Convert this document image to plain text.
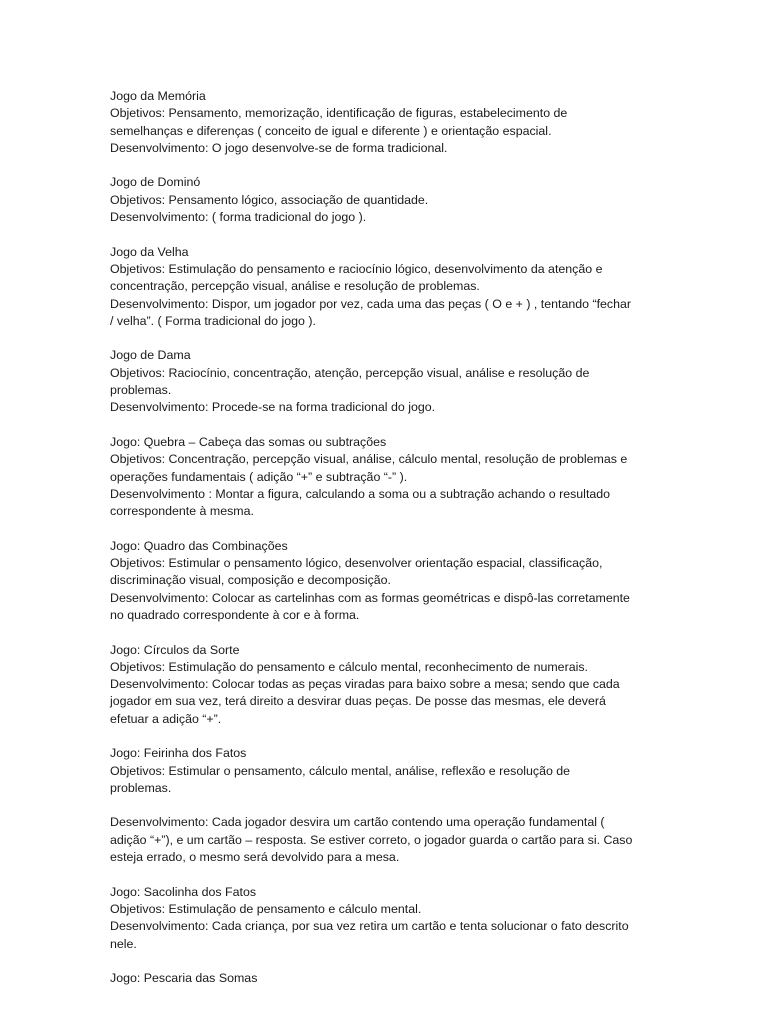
Jogo da Memória
Objetivos: Pensamento, memorização, identificação de figuras, estabelecimento de
semelhanças e diferenças ( conceito de igual e diferente ) e orientação espacial.
Desenvolvimento: O jogo desenvolve-se de forma tradicional.
Jogo de Dominó
Objetivos: Pensamento lógico, associação de quantidade.
Desenvolvimento: ( forma tradicional do jogo ).
Jogo da Velha
Objetivos: Estimulação do pensamento e raciocínio lógico, desenvolvimento da atenção e
concentração, percepção visual, análise e resolução de problemas.
Desenvolvimento: Dispor, um jogador por vez, cada uma das peças ( O e + ) , tentando “fechar
/ velha”. ( Forma tradicional do jogo ).
Jogo de Dama
Objetivos: Raciocínio, concentração, atenção, percepção visual, análise e resolução de
problemas.
Desenvolvimento: Procede-se na forma tradicional do jogo.
Jogo: Quebra – Cabeça das somas ou subtrações
Objetivos: Concentração, percepção visual, análise, cálculo mental, resolução de problemas e
operações fundamentais ( adição “+” e subtração “-” ).
Desenvolvimento : Montar a figura, calculando a soma ou a subtração achando o resultado
correspondente à mesma.
Jogo: Quadro das Combinações
Objetivos: Estimular o pensamento lógico, desenvolver orientação espacial, classificação,
discriminação visual, composição e decomposição.
Desenvolvimento: Colocar as cartelinhas com as formas geométricas e dispô-las corretamente
no quadrado correspondente à cor e à forma.
Jogo: Círculos da Sorte
Objetivos: Estimulação do pensamento e cálculo mental, reconhecimento de numerais.
Desenvolvimento: Colocar todas as peças viradas para baixo sobre a mesa; sendo que cada
jogador em sua vez, terá direito a desvirar duas peças. De posse das mesmas, ele deverá
efetuar a adição “+”.
Jogo: Feirinha dos Fatos
Objetivos: Estimular o pensamento, cálculo mental, análise, reflexão e resolução de
problemas.
Desenvolvimento: Cada jogador desvira um cartão contendo uma operação fundamental (
adição “+”), e um cartão – resposta. Se estiver correto, o jogador guarda o cartão para si. Caso
esteja errado, o mesmo será devolvido para a mesa.
Jogo: Sacolinha dos Fatos
Objetivos: Estimulação de pensamento e cálculo mental.
Desenvolvimento: Cada criança, por sua vez retira um cartão e tenta solucionar o fato descrito
nele.
Jogo: Pescaria das Somas
